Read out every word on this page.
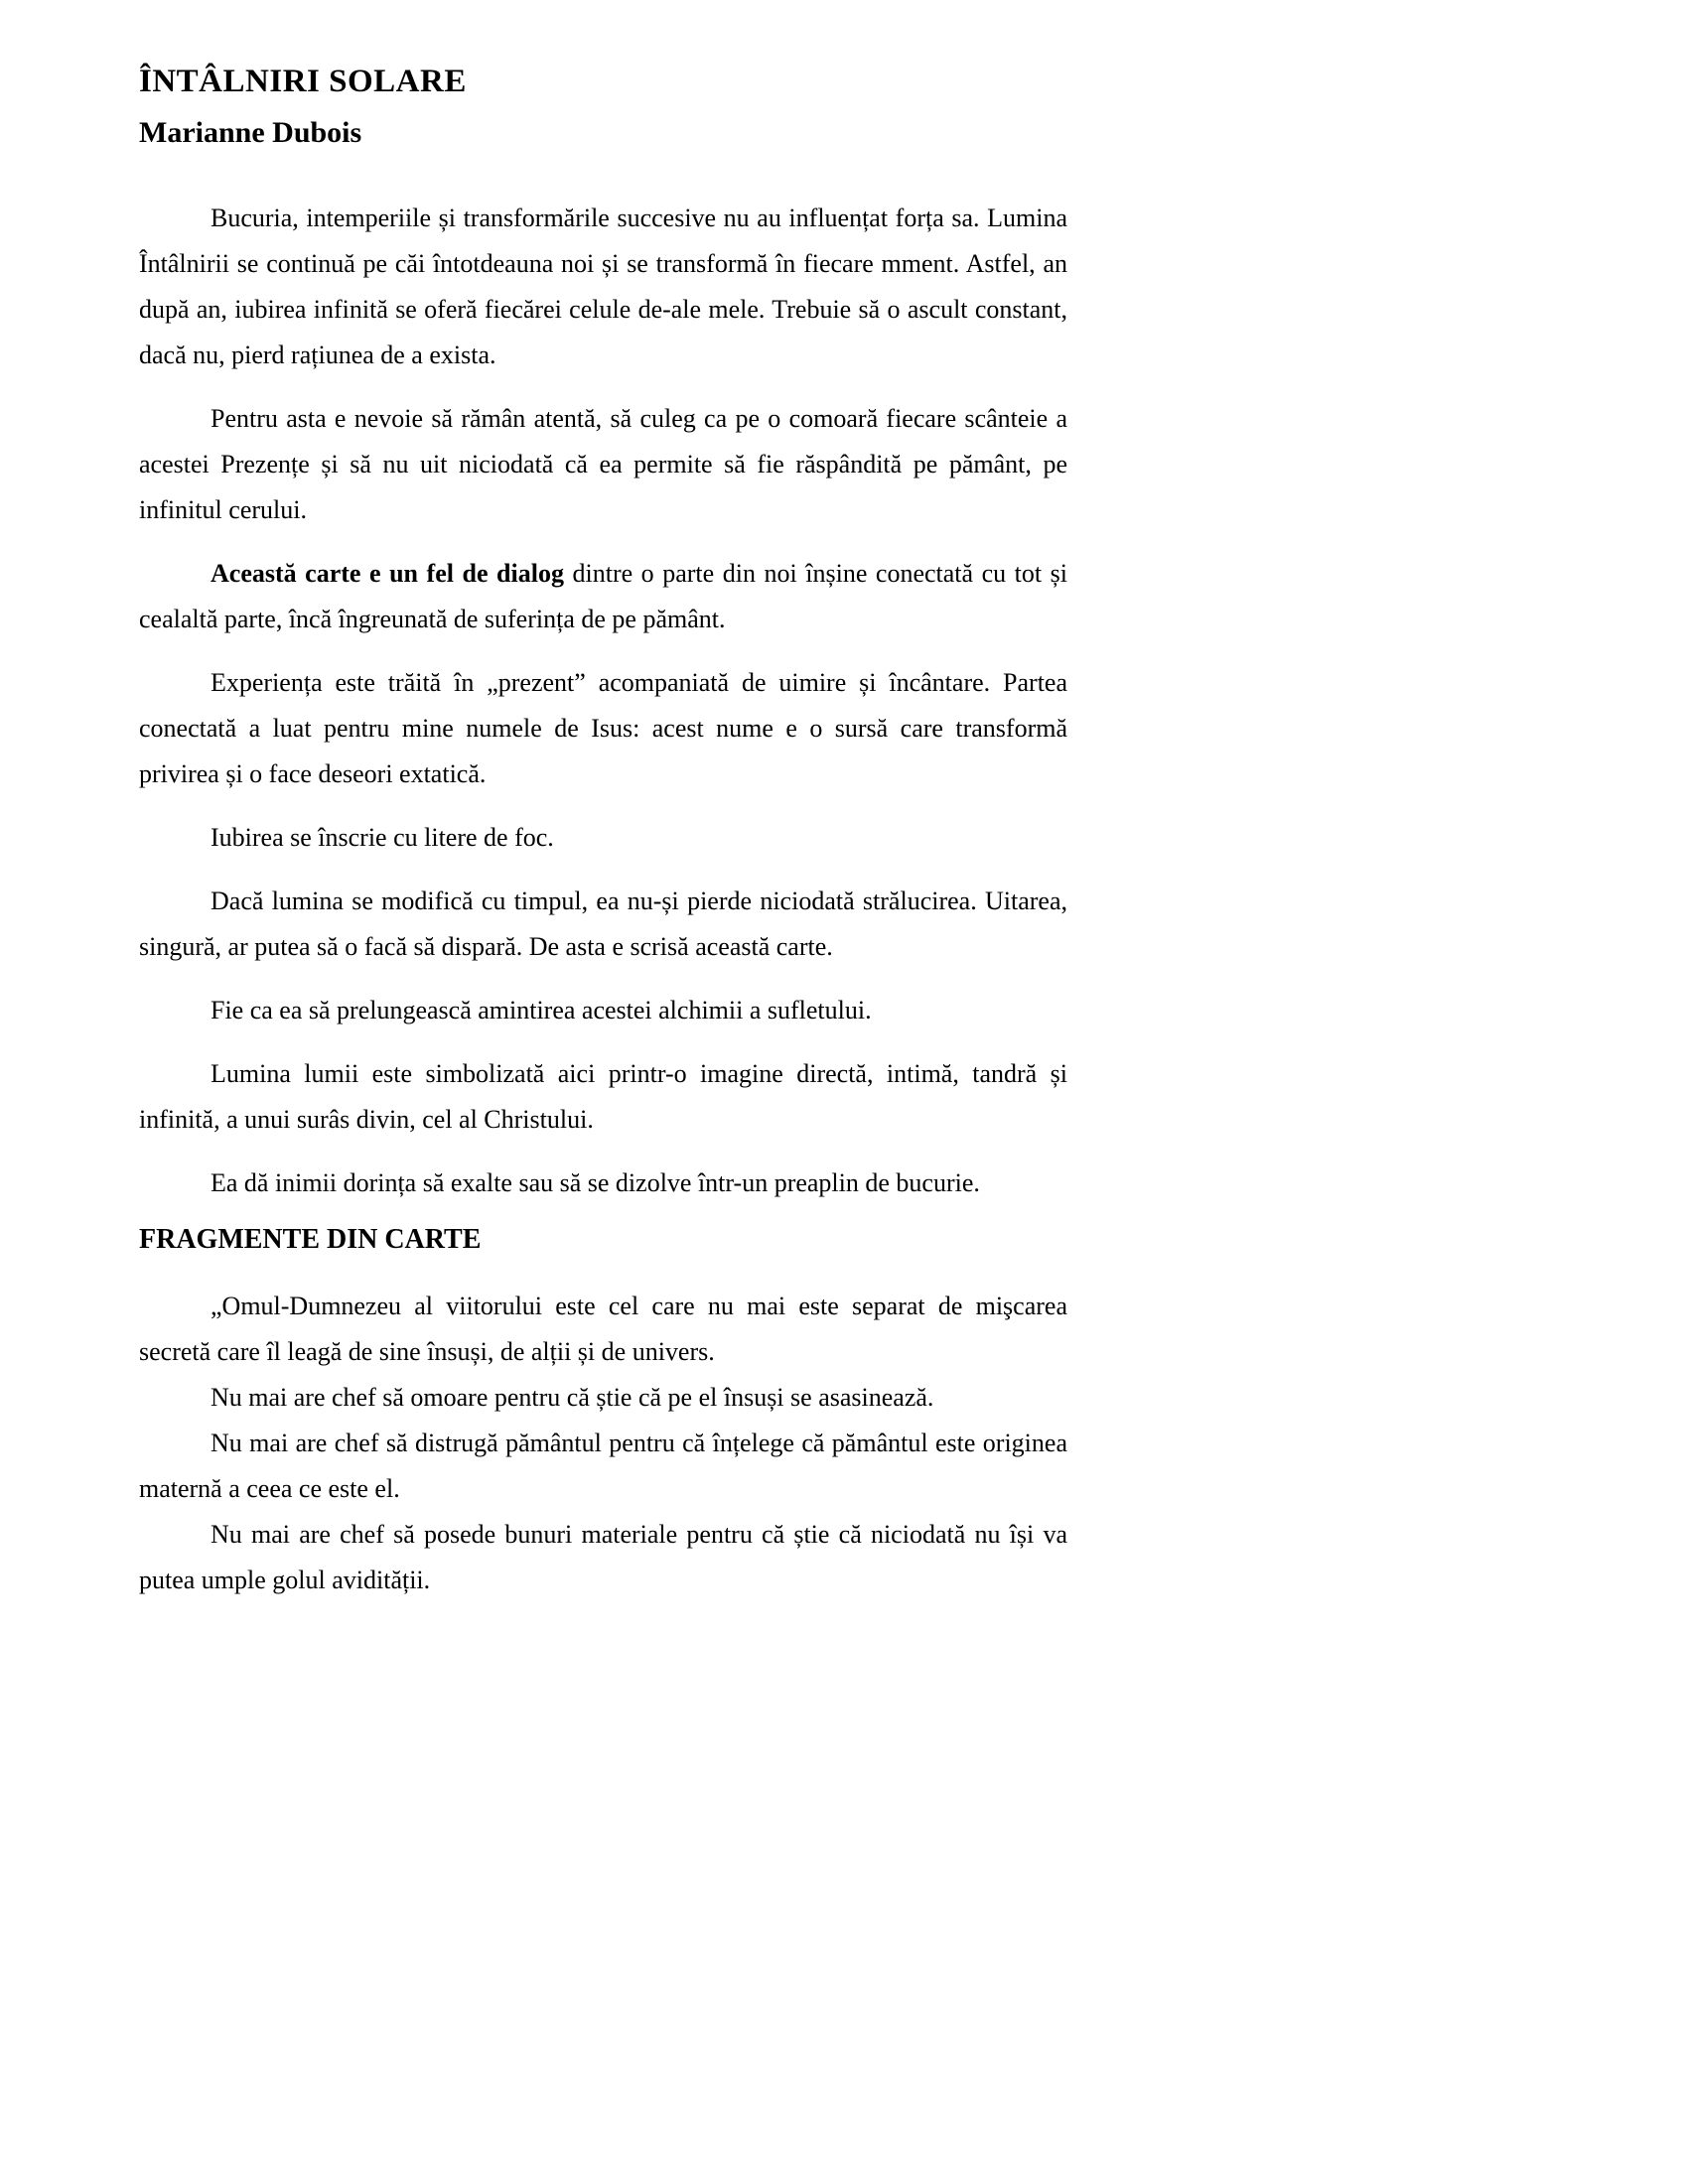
ÎNTÂLNIRI SOLARE
Marianne Dubois

Bucuria, intemperiile și transformările succesive nu au influențat forța sa. Lumina Întâlnirii se continuă pe căi întotdeauna noi și se transformă în fiecare mment. Astfel, an după an, iubirea infinită se oferă fiecărei celule de-ale mele. Trebuie să o ascult constant, dacă nu, pierd rațiunea de a exista.

Pentru asta e nevoie să rămân atentă, să culeg ca pe o comoară fiecare scânteie a acestei Prezențe și să nu uit niciodată că ea permite să fie răspândită pe pământ, pe infinitul cerului.

Această carte e un fel de dialog dintre o parte din noi înșine conectată cu tot și cealaltă parte, încă îngreunată de suferința de pe pământ.

Experiența este trăită în „prezent” acompaniată de uimire și încântare. Partea conectată a luat pentru mine numele de Isus: acest nume e o sursă care transformă privirea și o face deseori extatică.

Iubirea se înscrie cu litere de foc.

Dacă lumina se modifică cu timpul, ea nu-și pierde niciodată strălucirea. Uitarea, singură, ar putea să o facă să dispară. De asta e scrisă această carte.

Fie ca ea să prelungească amintirea acestei alchimii a sufletului.

Lumina lumii este simbolizată aici printr-o imagine directă, intimă, tandră și infinită, a unui surâs divin, cel al Christului.

Ea dă inimii dorința să exalte sau să se dizolve într-un preaplin de bucurie.

FRAGMENTE DIN CARTE

„Omul-Dumnezeu al viitorului este cel care nu mai este separat de mişcarea secretă care îl leagă de sine însuși, de alții și de univers.

Nu mai are chef să omoare pentru că știe că pe el însuși se asasinează.

Nu mai are chef să distrugă pământul pentru că înțelege că pământul este originea maternă a ceea ce este el.

Nu mai are chef să posede bunuri materiale pentru că știe că niciodată nu își va putea umple golul avidității.
